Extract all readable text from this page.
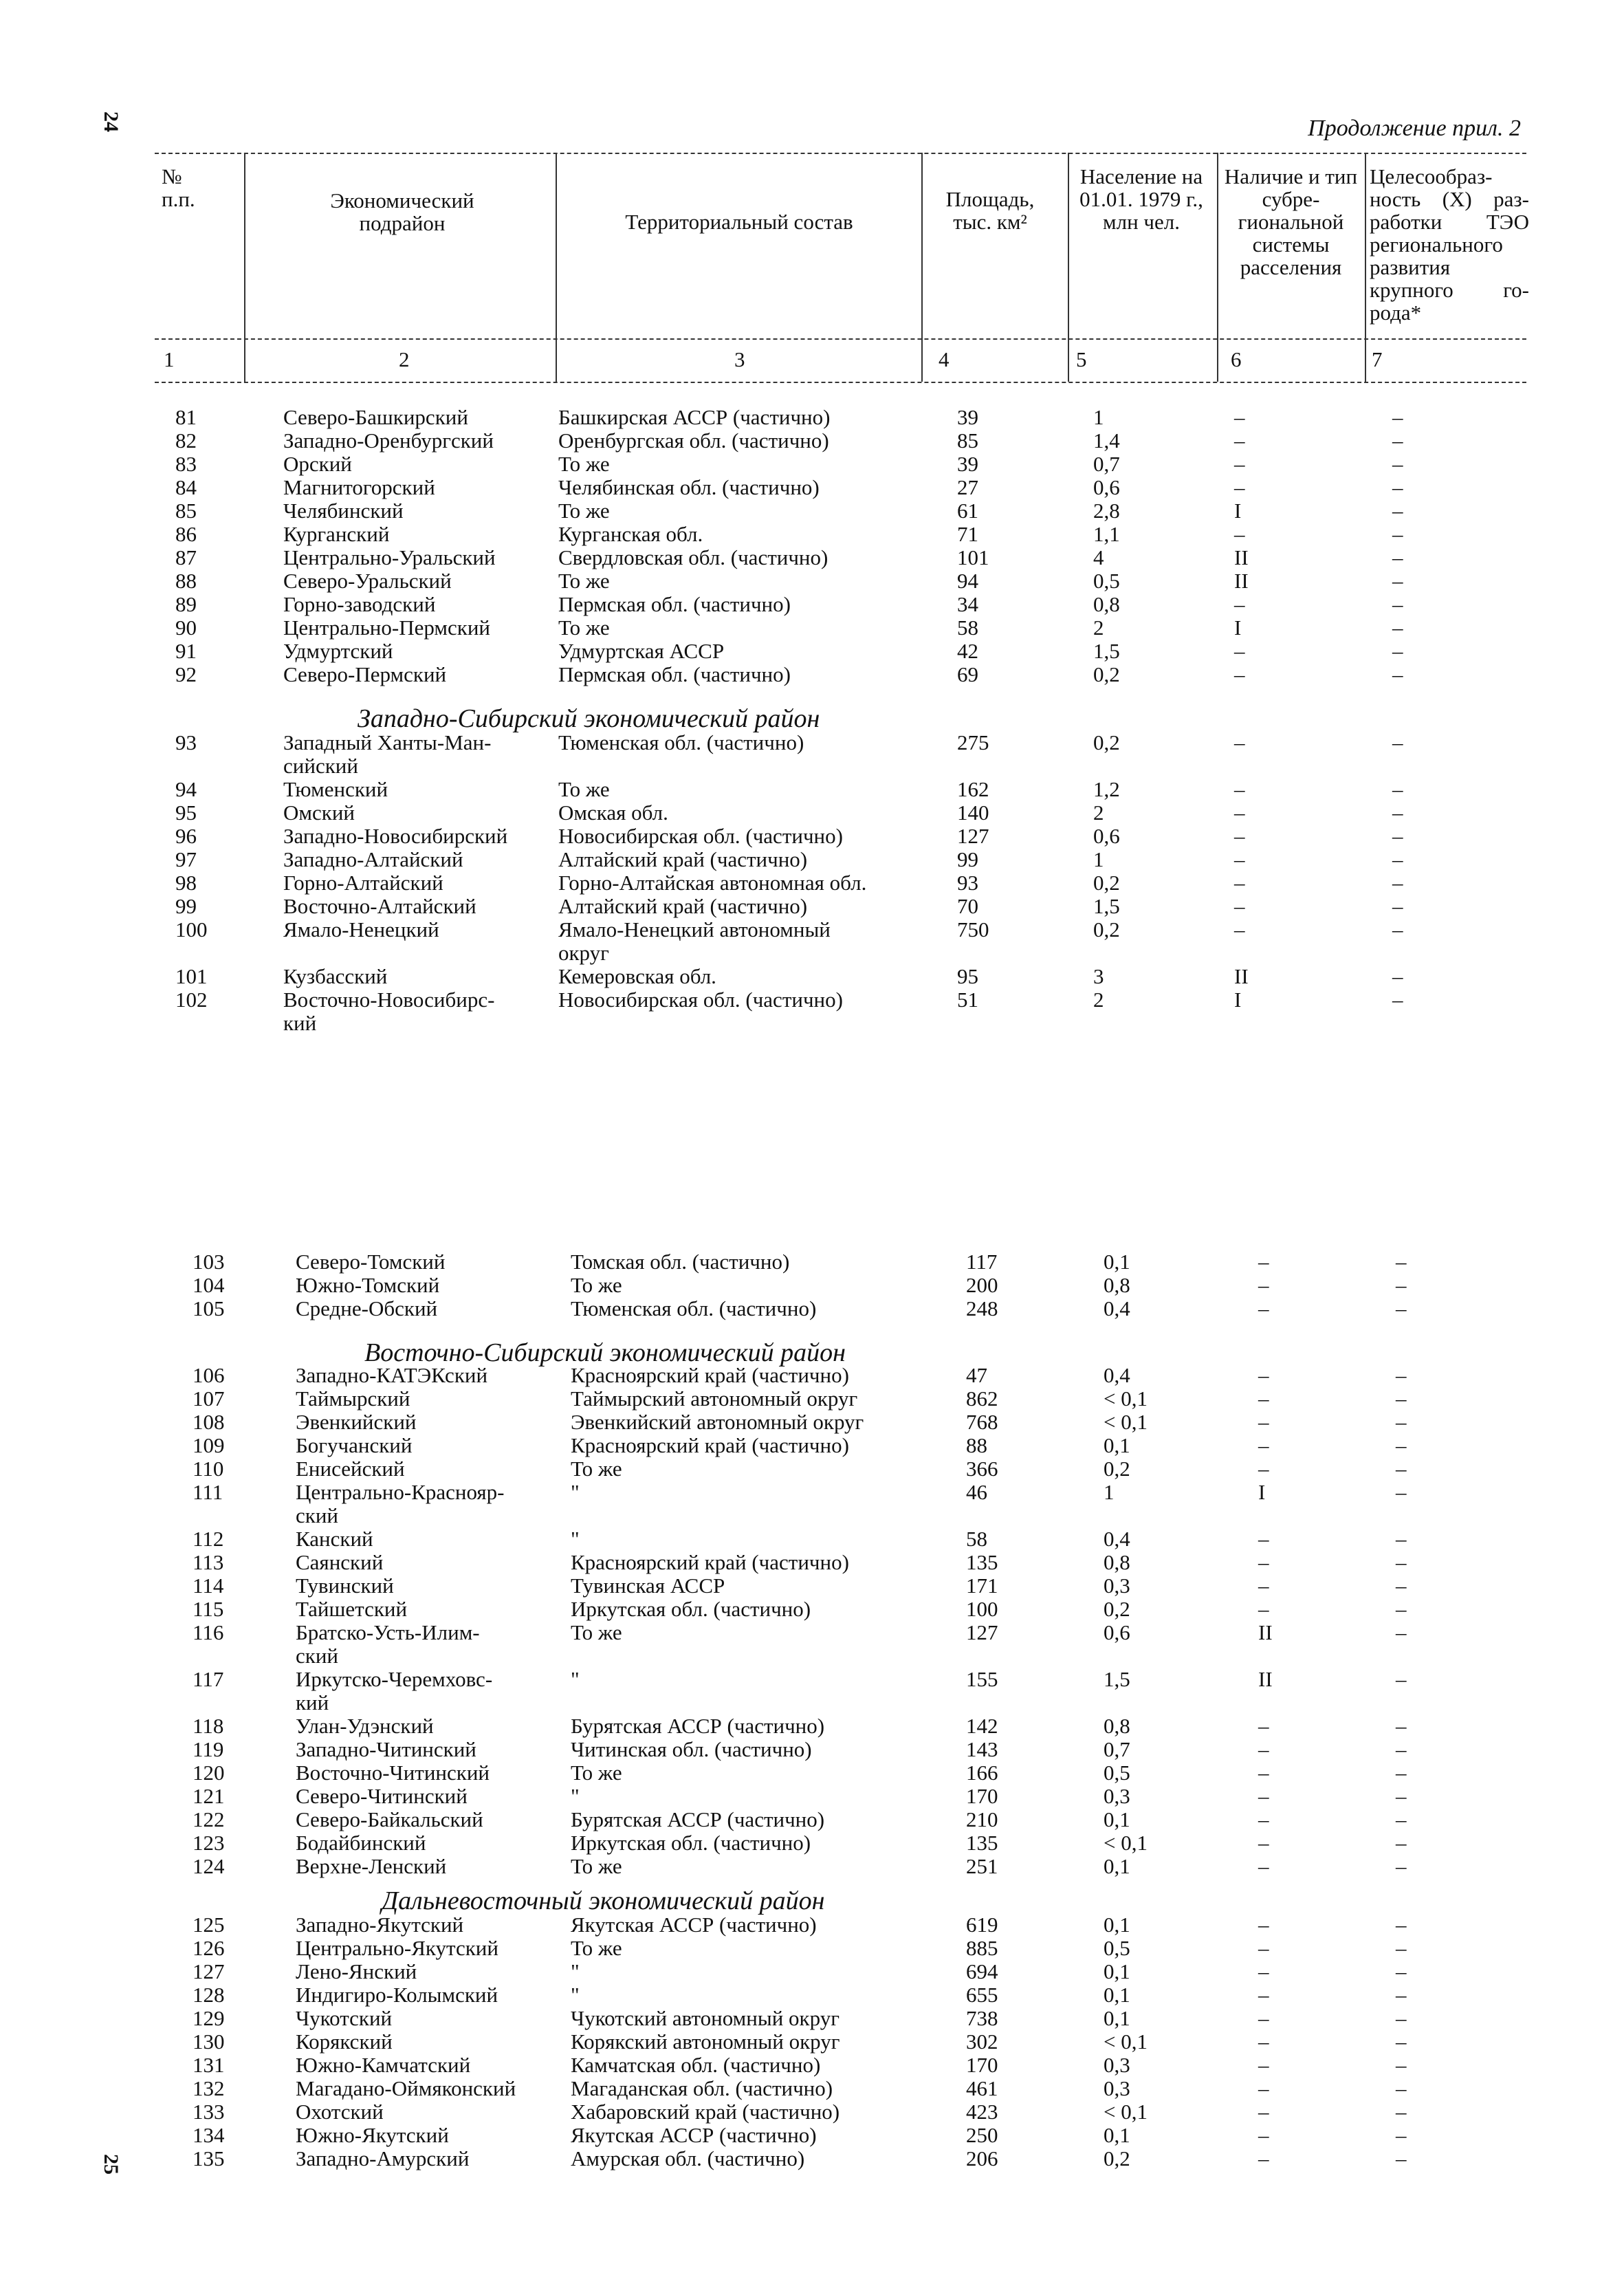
24
25
Продолжение прил. 2
№ п.п.	Экономический подрайон	Территориальный состав
Площадь, тыс. км²
Население на 01.01. 1979 г., млн чел.
Наличие и тип субре-гиональной системы расселения
Целесообраз-ность (X) раз-работки ТЭО регионального развития крупного го-рода*
1	2	3	4	5	6	7
Западно-Сибирский экономический район
Восточно-Сибирский экономический район
Дальневосточный экономический район
81	Северо-Башкирский	Башкирская АССР (частично)	39	1	–	–
82	Западно-Оренбургский	Оренбургская обл. (частично)	85	1,4	–	–
83	Орский	То же	39	0,7	–	–
84	Магнитогорский	Челябинская обл. (частично)	27	0,6	–	–
85	Челябинский	То же	61	2,8	I	–
86	Курганский	Курганская обл.	71	1,1	–	–
87	Центрально-Уральский	Свердловская обл. (частично)	101	4	II	–
88	Северо-Уральский	То же	94	0,5	II	–
89	Горно-заводский	Пермская обл. (частично)	34	0,8	–	–
90	Центрально-Пермский	То же	58	2	I	–
91	Удмуртский	Удмуртская АССР	42	1,5	–	–
92	Северо-Пермский	Пермская обл. (частично)	69	0,2	–	–
93	Западный Ханты-Ман-	Тюменская обл. (частично)	275	0,2	–	–
сийский
94	Тюменский	То же	162	1,2	–	–
95	Омский	Омская обл.	140	2	–	–
96	Западно-Новосибирский Новосибирская обл. (частично)	127	0,6	–	–
97	Западно-Алтайский	Алтайский край (частично)	99	1	–	–
98	Горно-Алтайский	Горно-Алтайская автономная обл.	93	0,2	–	–
99	Восточно-Алтайский	Алтайский край (частично)	70	1,5	–	–
100	Ямало-Ненецкий	Ямало-Ненецкий автономный	750	0,2	–	–
округ
101	Кузбасский	Кемеровская обл.	95	3	II	–
102	Восточно-Новосибирс-	Новосибирская обл. (частично)	51	2	I	–
кий
103	Северо-Томский	Томская обл. (частично)	117	0,1	–	–
104	Южно-Томский	То же	200	0,8	–	–
105	Средне-Обский	Тюменская обл. (частично)	248	0,4	–	–
106	Западно-КАТЭКский	Красноярский край (частично)	47	0,4	–	–
107	Таймырский	Таймырский автономный округ	862	< 0,1	–	–
108	Эвенкийский	Эвенкийский автономный округ	768	< 0,1	–	–
109	Богучанский	Красноярский край (частично)	88	0,1	–	–
110	Енисейский	То же	366	0,2	–	–
111	Центрально-Краснояр-	"	46	1	I	–
ский
112	Канский	"	58	0,4	–	–
113	Саянский	Красноярский край (частично)	135	0,8	–	–
114	Тувинский	Тувинская АССР	171	0,3	–	–
115	Тайшетский	Иркутская обл. (частично)	100	0,2	–	–
116	Братско-Усть-Илим-	То же	127	0,6	II	–
ский
117	Иркутско-Черемховс-	"	155	1,5	II	–
кий
118	Улан-Удэнский	Бурятская АССР (частично)	142	0,8	–	–
119	Западно-Читинский	Читинская обл. (частично)	143	0,7	–	–
120	Восточно-Читинский	То же	166	0,5	–	–
121	Северо-Читинский	"	170	0,3	–	–
122	Северо-Байкальский	Бурятская АССР (частично)	210	0,1	–	–
123	Бодайбинский	Иркутская обл. (частично)	135	< 0,1	–	–
124	Верхне-Ленский	То же	251	0,1	–	–
125	Западно-Якутский	Якутская АССР (частично)	619	0,1	–	–
126	Центрально-Якутский	То же	885	0,5	–	–
127	Лено-Янский	"	694	0,1	–	–
128	Индигиро-Колымский	"	655	0,1	–	–
129	Чукотский	Чукотский автономный округ	738	0,1	–	–
130	Корякский	Корякский автономный округ	302	< 0,1	–	–
131	Южно-Камчатский	Камчатская обл. (частично)	170	0,3	–	–
132	Магадано-Оймяконский	Магаданская обл. (частично)	461	0,3	–	–
133	Охотский	Хабаровский край (частично)	423	< 0,1	–	–
134	Южно-Якутский	Якутская АССР (частично)	250	0,1	–	–
135	Западно-Амурский	Амурская обл. (частично)	206	0,2	–	–
